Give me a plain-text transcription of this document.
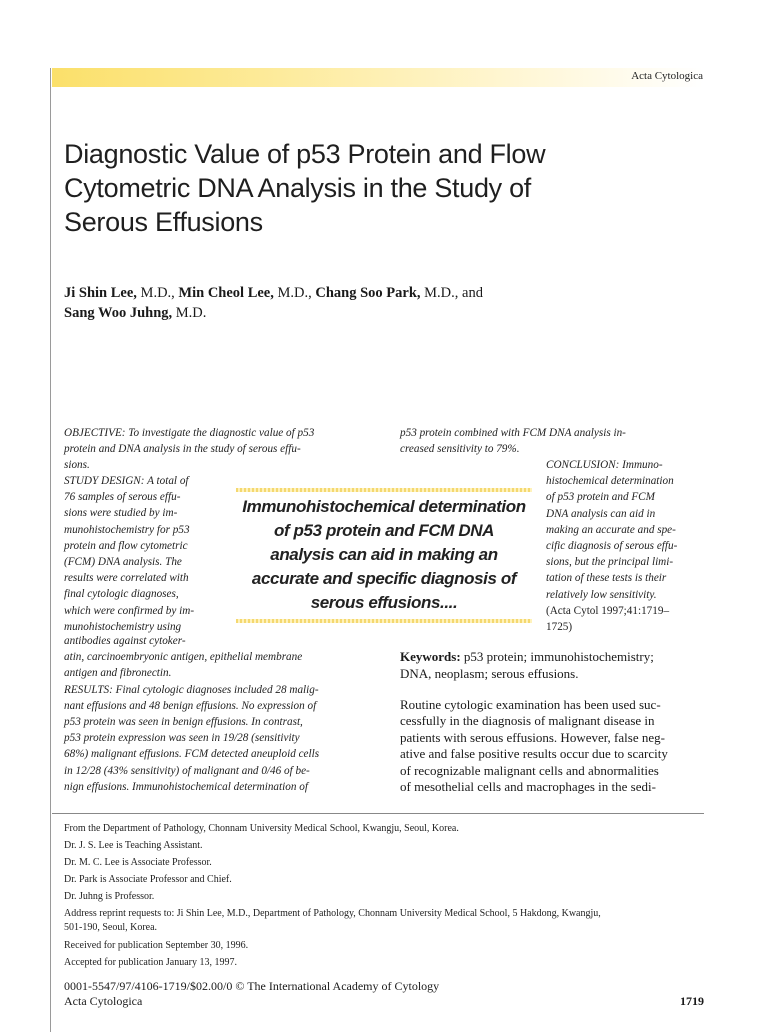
Acta Cytologica
Diagnostic Value of p53 Protein and Flow
Cytometric DNA Analysis in the Study of
Serous Effusions
Ji Shin Lee, M.D., Min Cheol Lee, M.D., Chang Soo Park, M.D., and
Sang Woo Juhng, M.D.
OBJECTIVE: To investigate the diagnostic value of p53
protein and DNA analysis in the study of serous effu-
sions.
STUDY DESIGN: A total of
76 samples of serous effu-
sions were studied by im-
munohistochemistry for p53
protein and flow cytometric
(FCM) DNA analysis. The
results were correlated with
final cytologic diagnoses,
which were confirmed by im-
munohistochemistry using
antibodies against cytoker-
atin, carcinoembryonic antigen, epithelial membrane
antigen and fibronectin.
RESULTS: Final cytologic diagnoses included 28 malig-
nant effusions and 48 benign effusions. No expression of
p53 protein was seen in benign effusions. In contrast,
p53 protein expression was seen in 19/28 (sensitivity
68%) malignant effusions. FCM detected aneuploid cells
in 12/28 (43% sensitivity) of malignant and 0/46 of be-
nign effusions. Immunohistochemical determination of
p53 protein combined with FCM DNA analysis in-
creased sensitivity to 79%.
CONCLUSION: Immuno-
histochemical determination
of p53 protein and FCM
DNA analysis can aid in
making an accurate and spe-
cific diagnosis of serous effu-
sions, but the principal limi-
tation of these tests is their
relatively low sensitivity.
(Acta Cytol 1997;41:1719–
1725)
Immunohistochemical determination
of p53 protein and FCM DNA
analysis can aid in making an
accurate and specific diagnosis of
serous effusions....
Keywords: p53 protein; immunohistochemistry;
DNA, neoplasm; serous effusions.
Routine cytologic examination has been used suc-
cessfully in the diagnosis of malignant disease in
patients with serous effusions. However, false neg-
ative and false positive results occur due to scarcity
of recognizable malignant cells and abnormalities
of mesothelial cells and macrophages in the sedi-

From the Department of Pathology, Chonnam University Medical School, Kwangju, Seoul, Korea.

Dr. J. S. Lee is Teaching Assistant.

Dr. M. C. Lee is Associate Professor.

Dr. Park is Associate Professor and Chief.

Dr. Juhng is Professor.

Address reprint requests to: Ji Shin Lee, M.D., Department of Pathology, Chonnam University Medical School, 5 Hakdong, Kwangju,
501-190, Seoul, Korea.

Received for publication September 30, 1996.

Accepted for publication January 13, 1997.

0001-5547/97/4106-1719/$02.00/0 © The International Academy of Cytology
Acta Cytologica	1719
